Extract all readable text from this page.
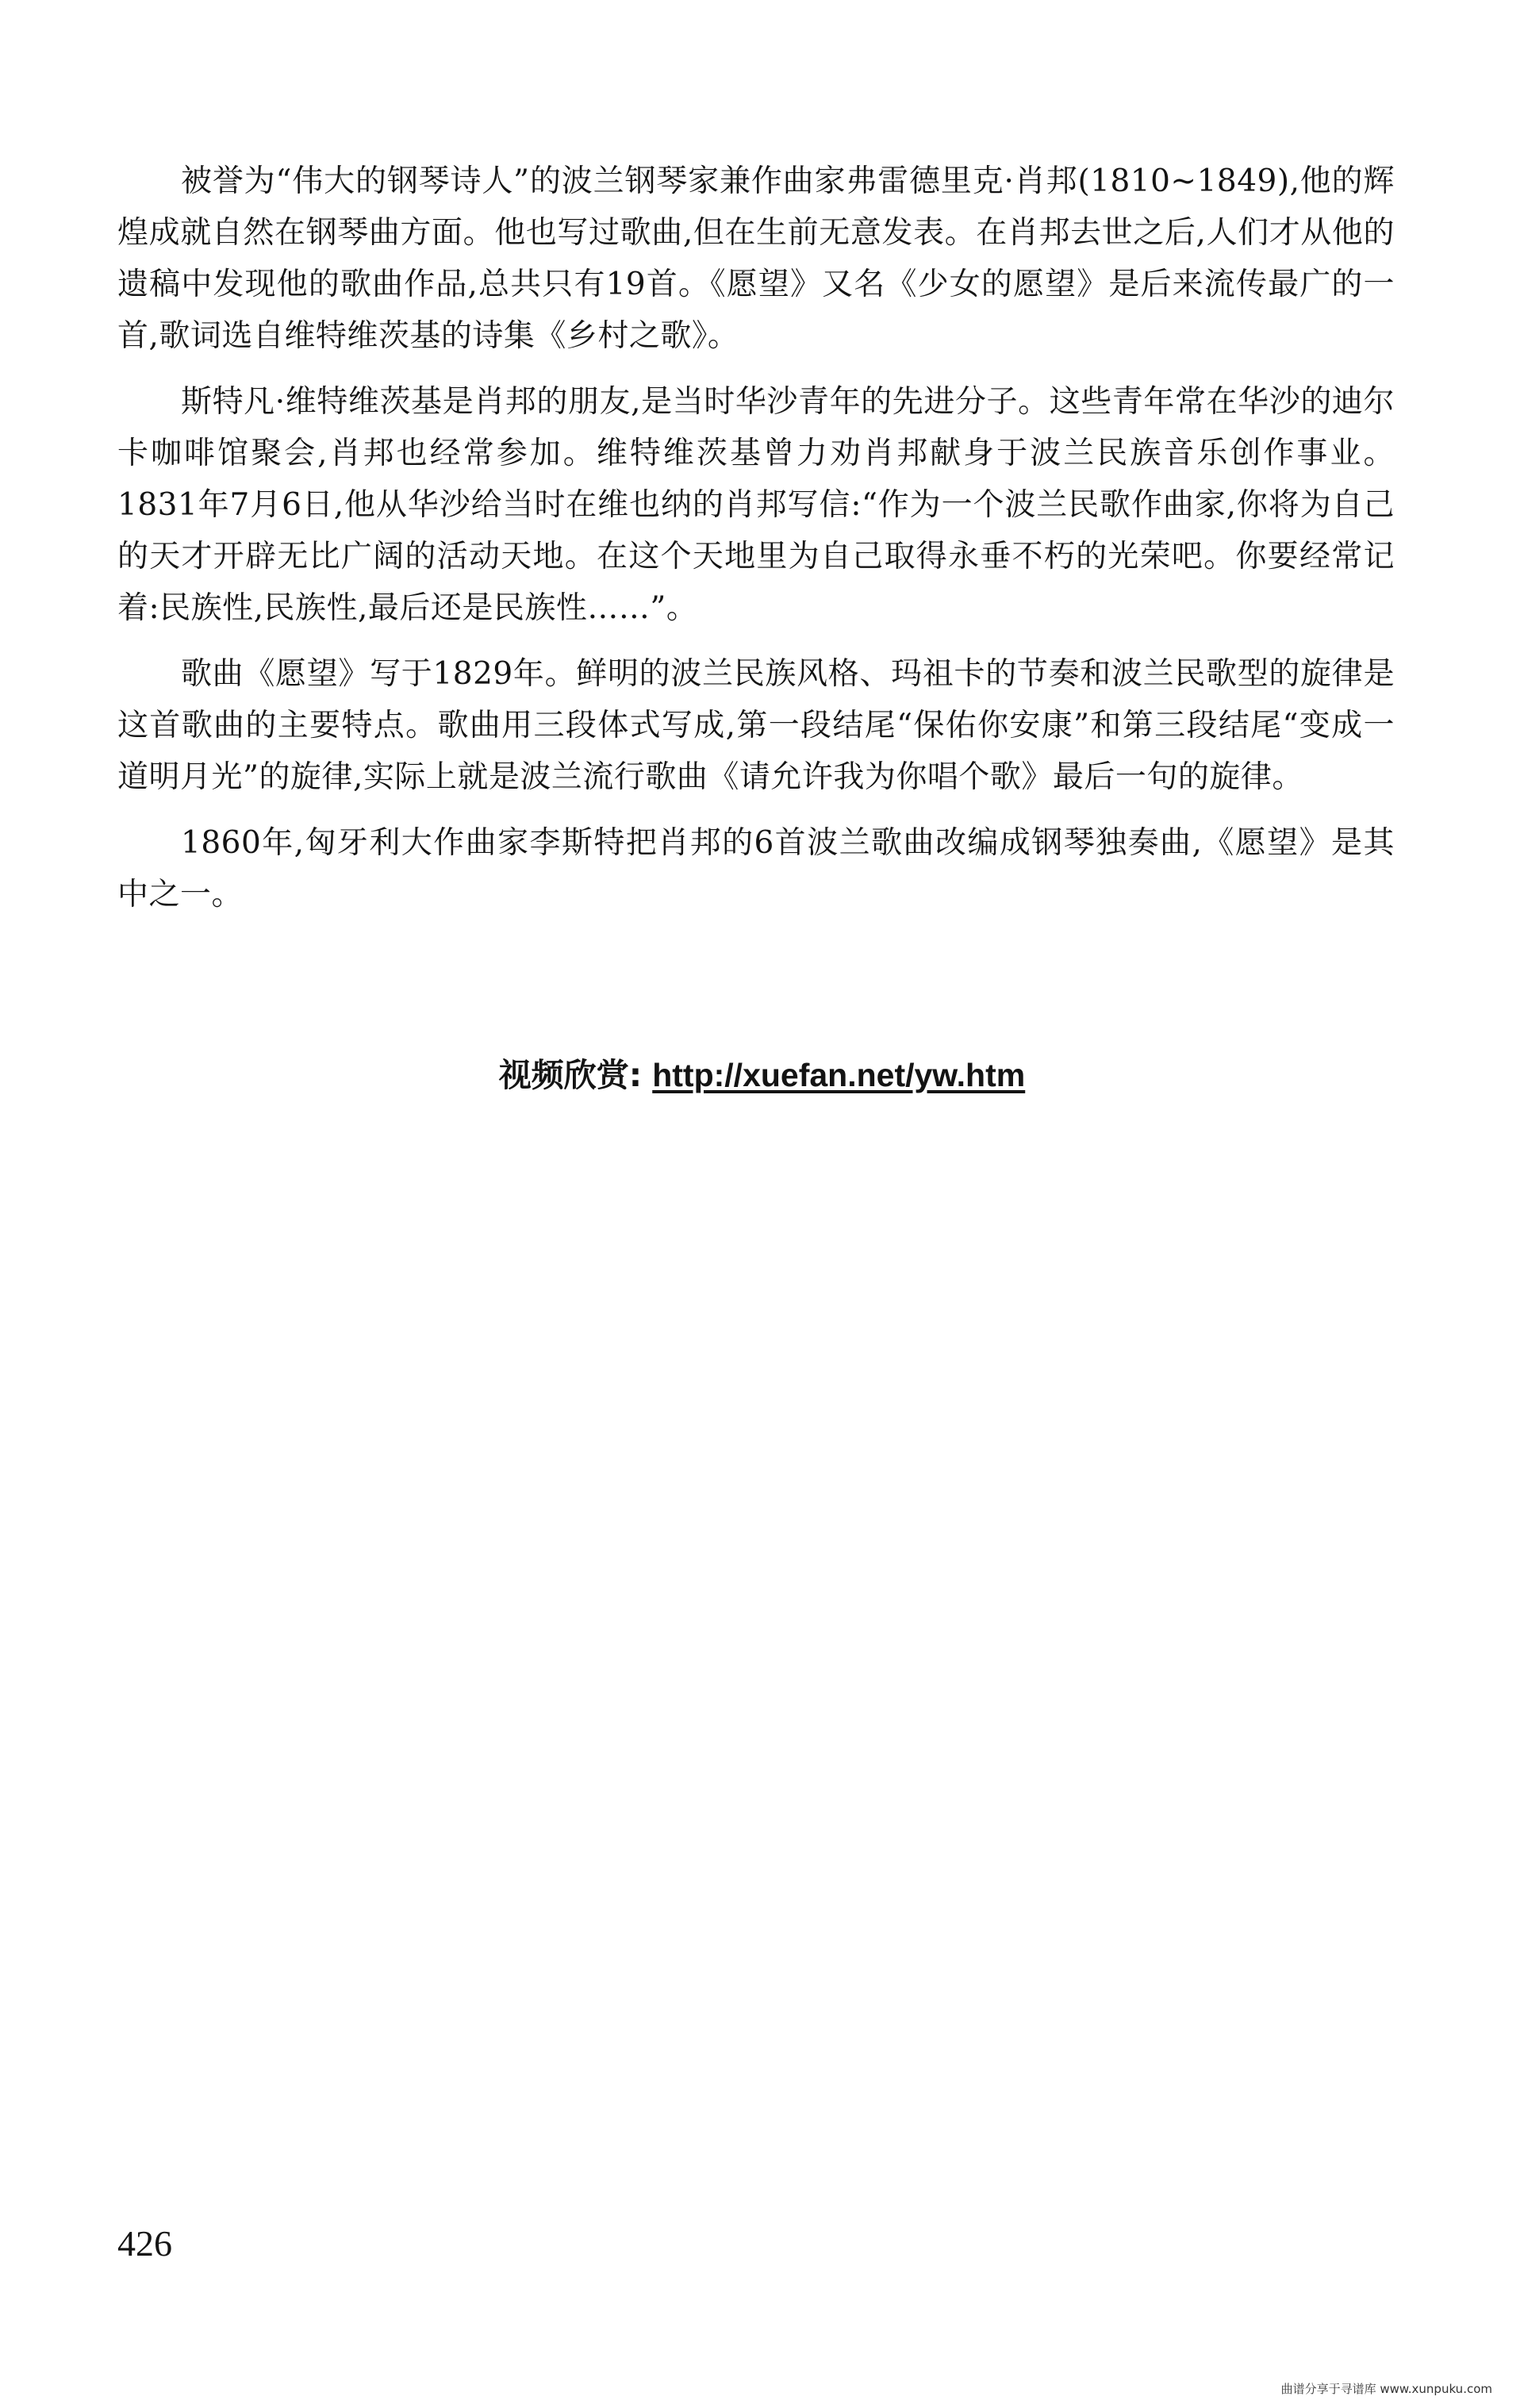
被誉为“伟大的钢琴诗人”的波兰钢琴家兼作曲家弗雷德里克·肖邦(1810~1849),他的辉煌成就自然在钢琴曲方面。他也写过歌曲,但在生前无意发表。在肖邦去世之后,人们才从他的遗稿中发现他的歌曲作品,总共只有19首。《愿望》又名《少女的愿望》是后来流传最广的一首,歌词选自维特维茨基的诗集《乡村之歌》。

斯特凡·维特维茨基是肖邦的朋友,是当时华沙青年的先进分子。这些青年常在华沙的迪尔卡咖啡馆聚会,肖邦也经常参加。维特维茨基曾力劝肖邦献身于波兰民族音乐创作事业。1831年7月6日,他从华沙给当时在维也纳的肖邦写信:“作为一个波兰民歌作曲家,你将为自己的天才开辟无比广阔的活动天地。在这个天地里为自己取得永垂不朽的光荣吧。你要经常记着:民族性,民族性,最后还是民族性……”。

歌曲《愿望》写于1829年。鲜明的波兰民族风格、玛祖卡的节奏和波兰民歌型的旋律是这首歌曲的主要特点。歌曲用三段体式写成,第一段结尾“保佑你安康”和第三段结尾“变成一道明月光”的旋律,实际上就是波兰流行歌曲《请允许我为你唱个歌》最后一句的旋律。

1860年,匈牙利大作曲家李斯特把肖邦的6首波兰歌曲改编成钢琴独奏曲,《愿望》是其中之一。

视频欣赏: http://xuefan.net/yw.htm
426
曲谱分享于寻谱库 www.xunpuku.com
